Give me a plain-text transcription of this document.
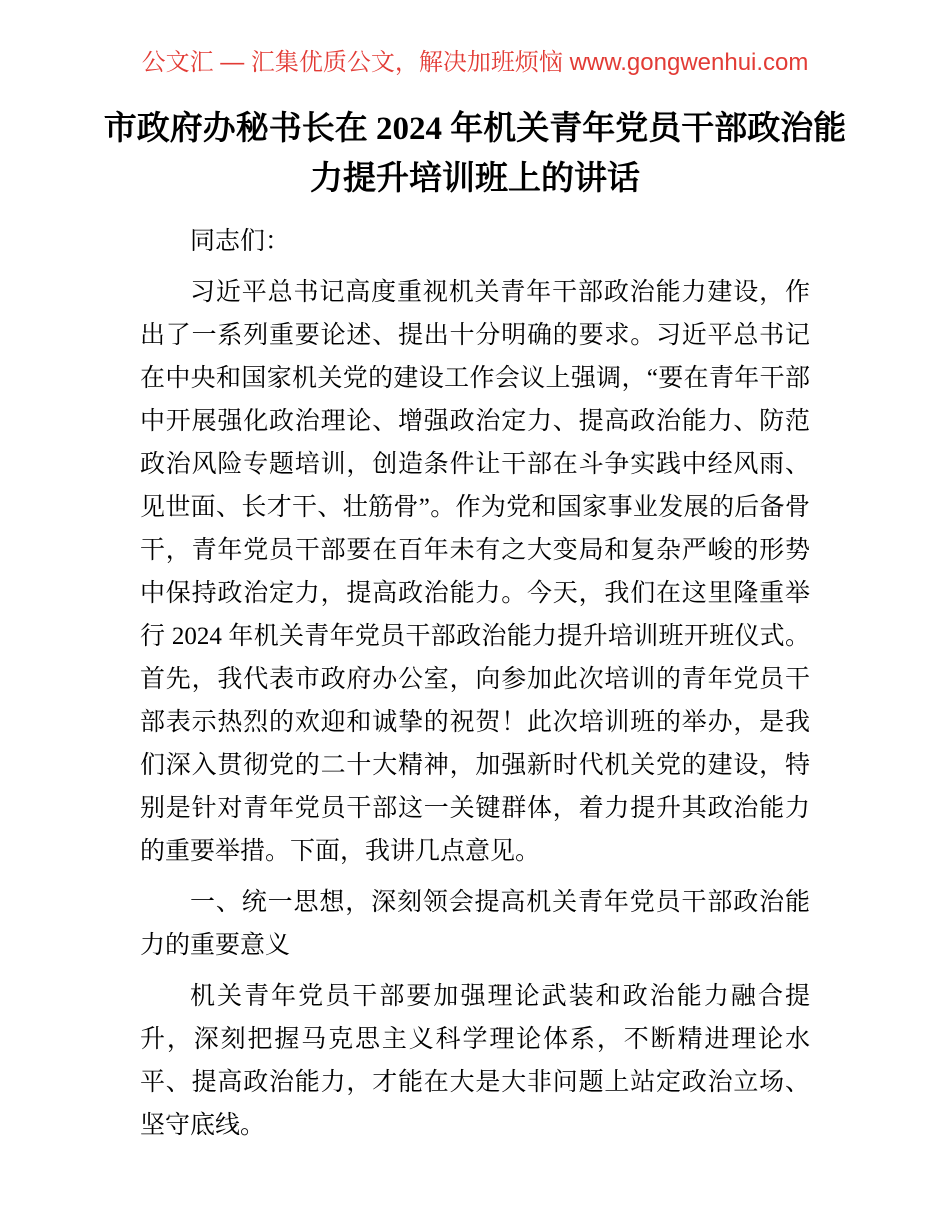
公文汇 — 汇集优质公文，解决加班烦恼 www.gongwenhui.com
市政府办秘书长在 2024 年机关青年党员干部政治能力提升培训班上的讲话

同志们：

习近平总书记高度重视机关青年干部政治能力建设，作出了一系列重要论述、提出十分明确的要求。习近平总书记在中央和国家机关党的建设工作会议上强调，“要在青年干部中开展强化政治理论、增强政治定力、提高政治能力、防范政治风险专题培训，创造条件让干部在斗争实践中经风雨、见世面、长才干、壮筋骨”。作为党和国家事业发展的后备骨干，青年党员干部要在百年未有之大变局和复杂严峻的形势中保持政治定力，提高政治能力。今天，我们在这里隆重举行 2024 年机关青年党员干部政治能力提升培训班开班仪式。首先，我代表市政府办公室，向参加此次培训的青年党员干部表示热烈的欢迎和诚挚的祝贺！此次培训班的举办，是我们深入贯彻党的二十大精神，加强新时代机关党的建设，特别是针对青年党员干部这一关键群体，着力提升其政治能力的重要举措。下面，我讲几点意见。

一、统一思想，深刻领会提高机关青年党员干部政治能力的重要意义

机关青年党员干部要加强理论武装和政治能力融合提升，深刻把握马克思主义科学理论体系，不断精进理论水平、提高政治能力，才能在大是大非问题上站定政治立场、坚守底线。
